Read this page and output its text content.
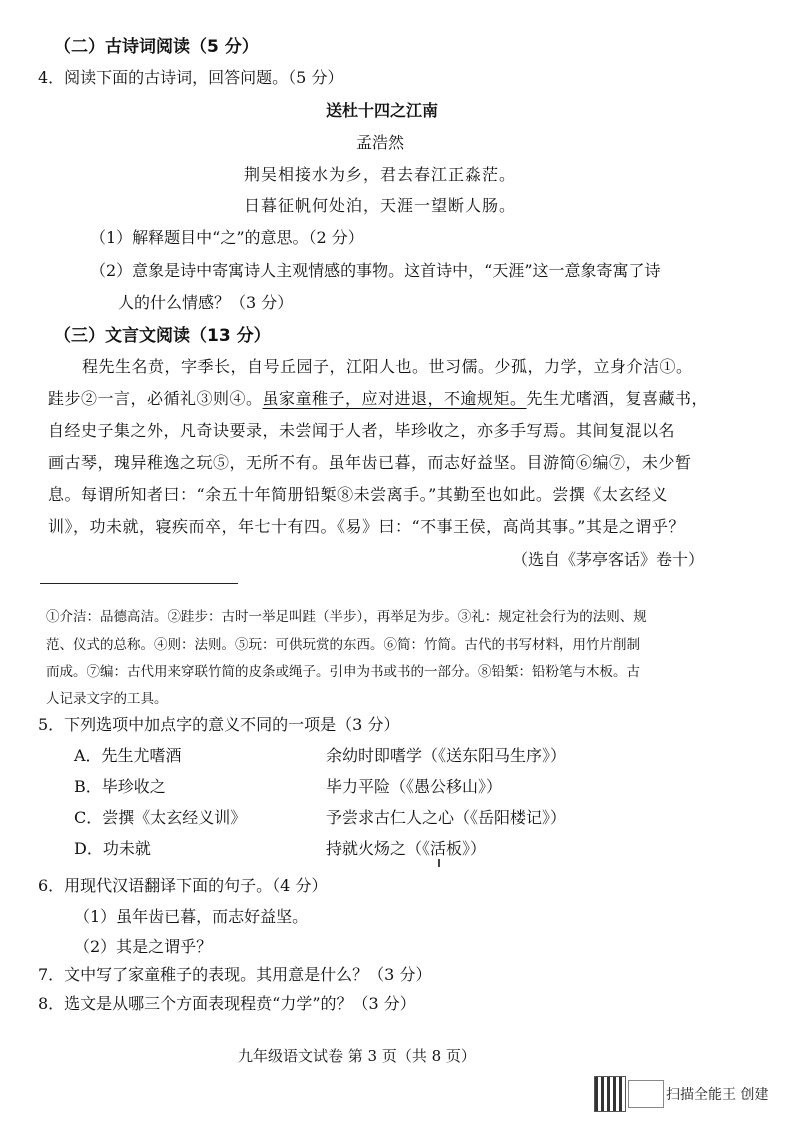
（二）古诗词阅读（5 分）
4．阅读下面的古诗词，回答问题。（5 分）
送杜十四之江南
孟浩然
荆吴相接水为乡，君去春江正淼茫。
日暮征帆何处泊，天涯一望断人肠。
（1）解释题目中“之”的意思。（2 分）
（2）意象是诗中寄寓诗人主观情感的事物。这首诗中，“天涯”这一意象寄寓了诗
人的什么情感？（3 分）
（三）文言文阅读（13 分）
程先生名贲，字季长，自号丘园子，江阳人也。世习儒。少孤，力学，立身介洁①。
跬步②一言，必循礼③则④。虽家童稚子，应对进退，不逾规矩。先生尤嗜酒，复喜藏书，
自经史子集之外，凡奇诀要录，未尝闻于人者，毕珍收之，亦多手写焉。其间复混以名
画古琴，瑰异稚逸之玩⑤，无所不有。虽年齿已暮，而志好益坚。目游简⑥编⑦，未少暂
息。每谓所知者曰：“余五十年简册铅椠⑧未尝离手。”其勤至也如此。尝撰《太玄经义
训》，功未就，寝疾而卒，年七十有四。《易》曰：“不事王侯，高尚其事。”其是之谓乎？
（选自《茅亭客话》卷十）
①介洁：品德高洁。②跬步：古时一举足叫跬（半步），再举足为步。③礼：规定社会行为的法则、规
范、仪式的总称。④则：法则。⑤玩：可供玩赏的东西。⑥简：竹简。古代的书写材料，用竹片削制
而成。⑦编：古代用来穿联竹简的皮条或绳子。引申为书或书的一部分。⑧铅椠：铅粉笔与木板。古
人记录文字的工具。
5．下列选项中加点字的意义不同的一项是（3 分）
A．先生尤嗜酒	余幼时即嗜学（《送东阳马生序》）
B．毕珍收之	毕力平险（《愚公移山》）
C．尝撰《太玄经义训》	予尝求古仁人之心（《岳阳楼记》）
D．功未就	持就火炀之（《活板》）
6．用现代汉语翻译下面的句子。（4 分）
（1）虽年齿已暮，而志好益坚。
（2）其是之谓乎？
7．文中写了家童稚子的表现。其用意是什么？（3 分）
8．选文是从哪三个方面表现程贲“力学”的？（3 分）
九年级语文试卷 第 3 页（共 8 页）
扫描全能王 创建
